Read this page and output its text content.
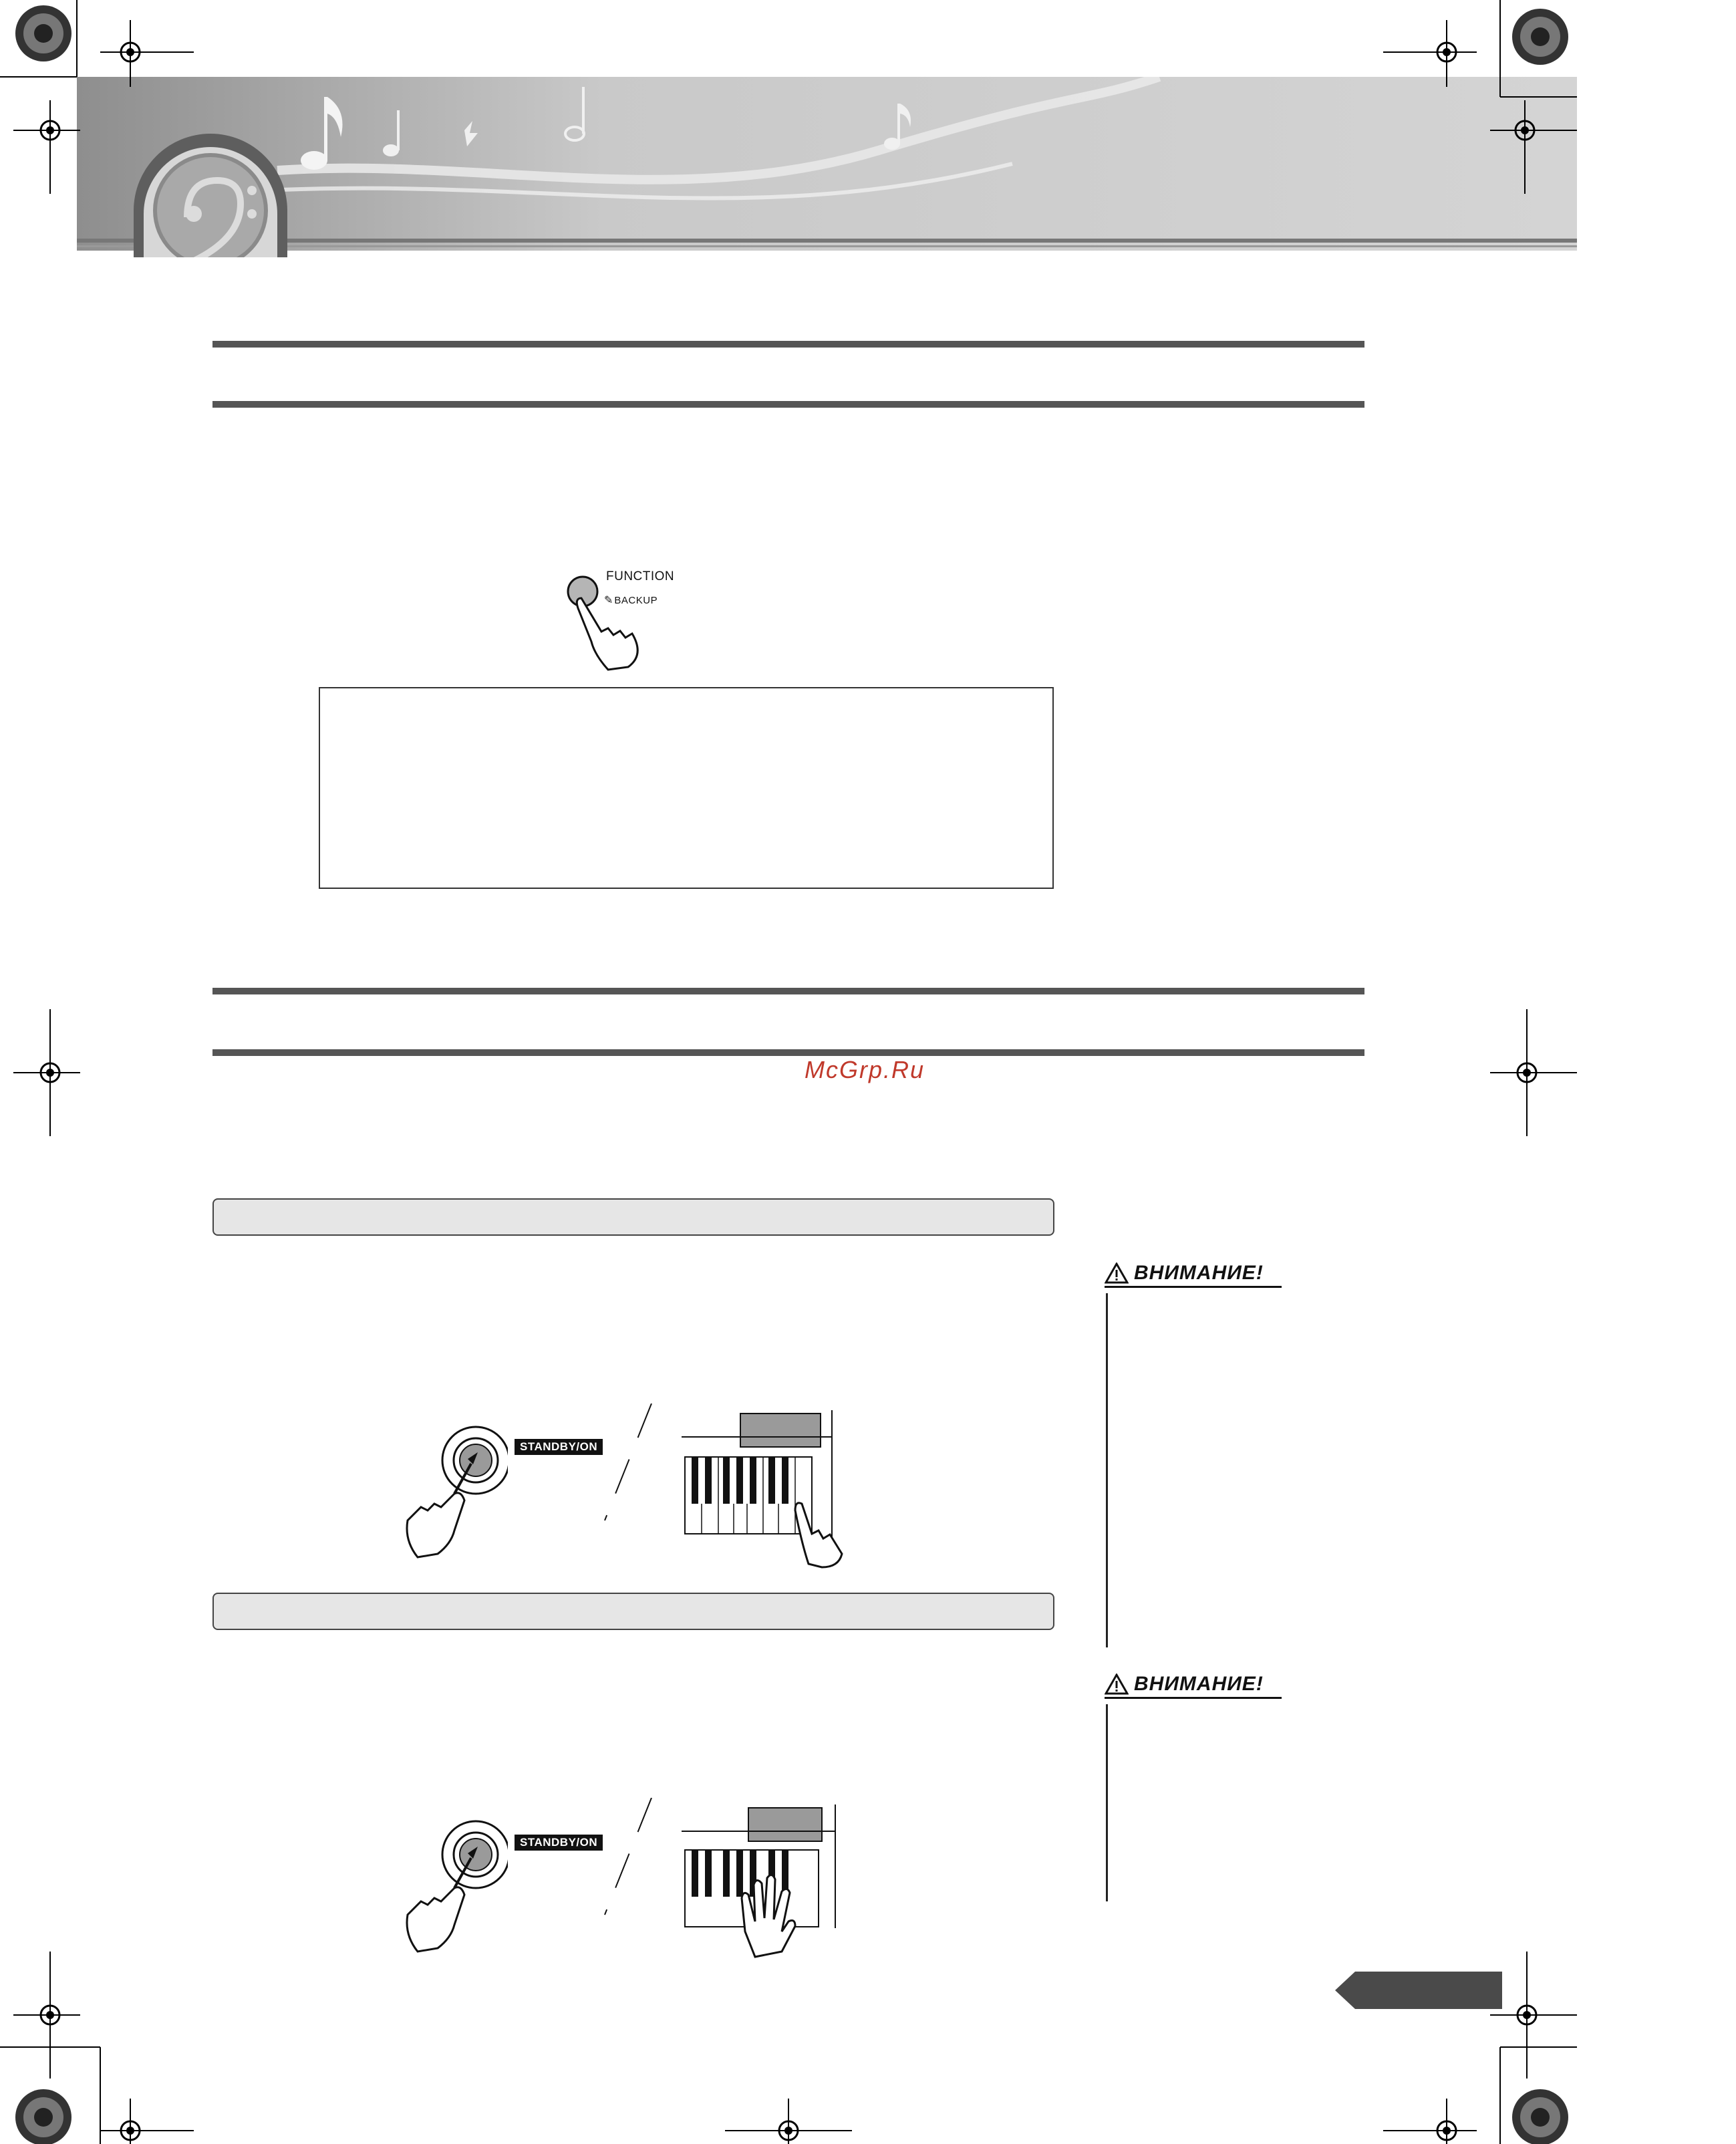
FUNCTION
✎ BACKUP
McGrp.Ru
ВНИМАНИЕ!
STANDBY/ON
ВНИМАНИЕ!
STANDBY/ON
